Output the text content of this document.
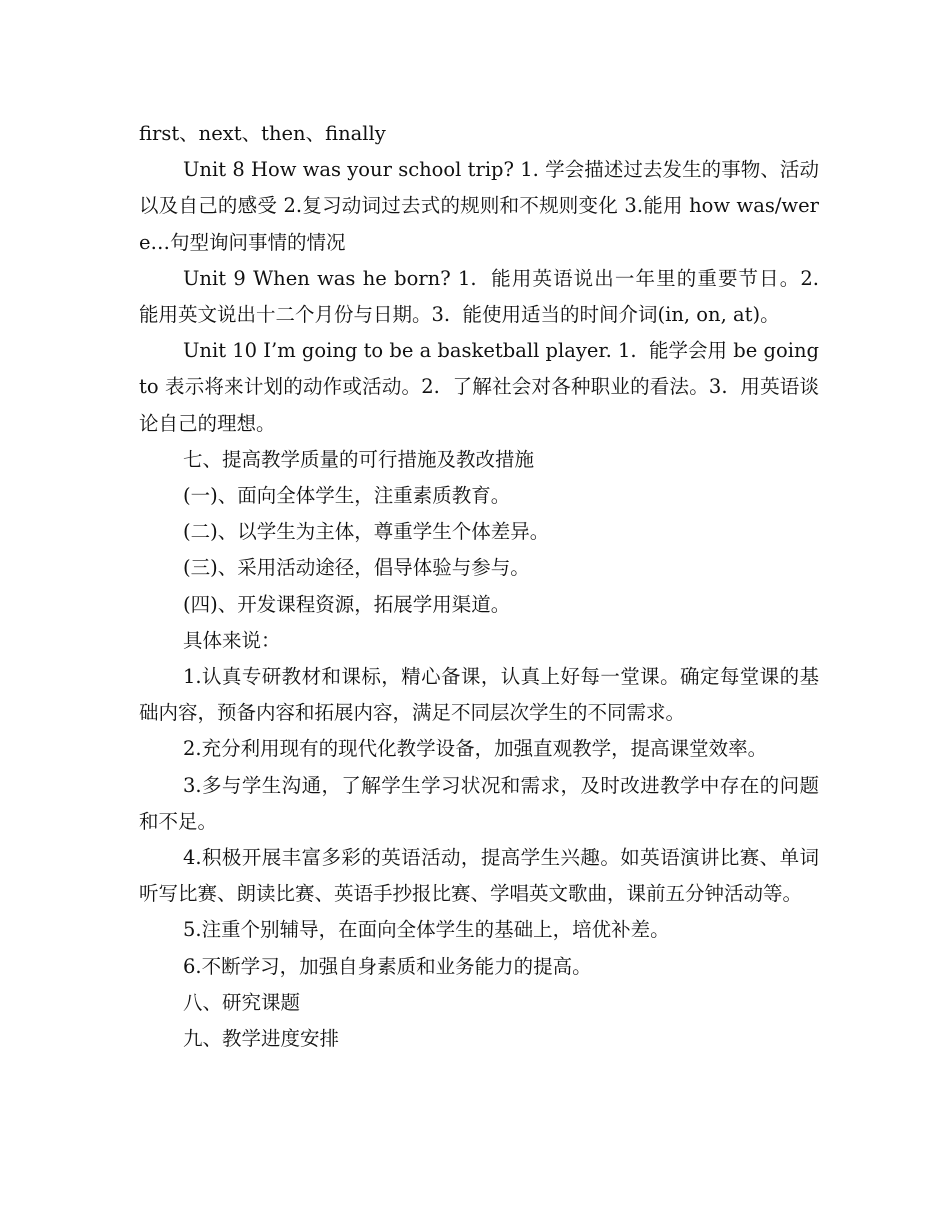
first、next、then、finally

Unit 8 How was your school trip? 1. 学会描述过去发生的事物、活动以及自己的感受 2.复习动词过去式的规则和不规则变化 3.能用 how was/were…句型询问事情的情况

Unit 9 When was he born? 1.  能用英语说出一年里的重要节日。2.  能用英文说出十二个月份与日期。3.  能使用适当的时间介词(in, on, at)。

Unit 10 I’m going to be a basketball player. 1.  能学会用 be going to 表示将来计划的动作或活动。2.  了解社会对各种职业的看法。3.  用英语谈论自己的理想。

七、提高教学质量的可行措施及教改措施

(一)、面向全体学生，注重素质教育。

(二)、以学生为主体，尊重学生个体差异。

(三)、采用活动途径，倡导体验与参与。

(四)、开发课程资源，拓展学用渠道。

具体来说：

1.认真专研教材和课标，精心备课，认真上好每一堂课。确定每堂课的基础内容，预备内容和拓展内容，满足不同层次学生的不同需求。

2.充分利用现有的现代化教学设备，加强直观教学，提高课堂效率。

3.多与学生沟通，了解学生学习状况和需求，及时改进教学中存在的问题和不足。

4.积极开展丰富多彩的英语活动，提高学生兴趣。如英语演讲比赛、单词听写比赛、朗读比赛、英语手抄报比赛、学唱英文歌曲，课前五分钟活动等。

5.注重个别辅导，在面向全体学生的基础上，培优补差。

6.不断学习，加强自身素质和业务能力的提高。

八、研究课题

九、教学进度安排
